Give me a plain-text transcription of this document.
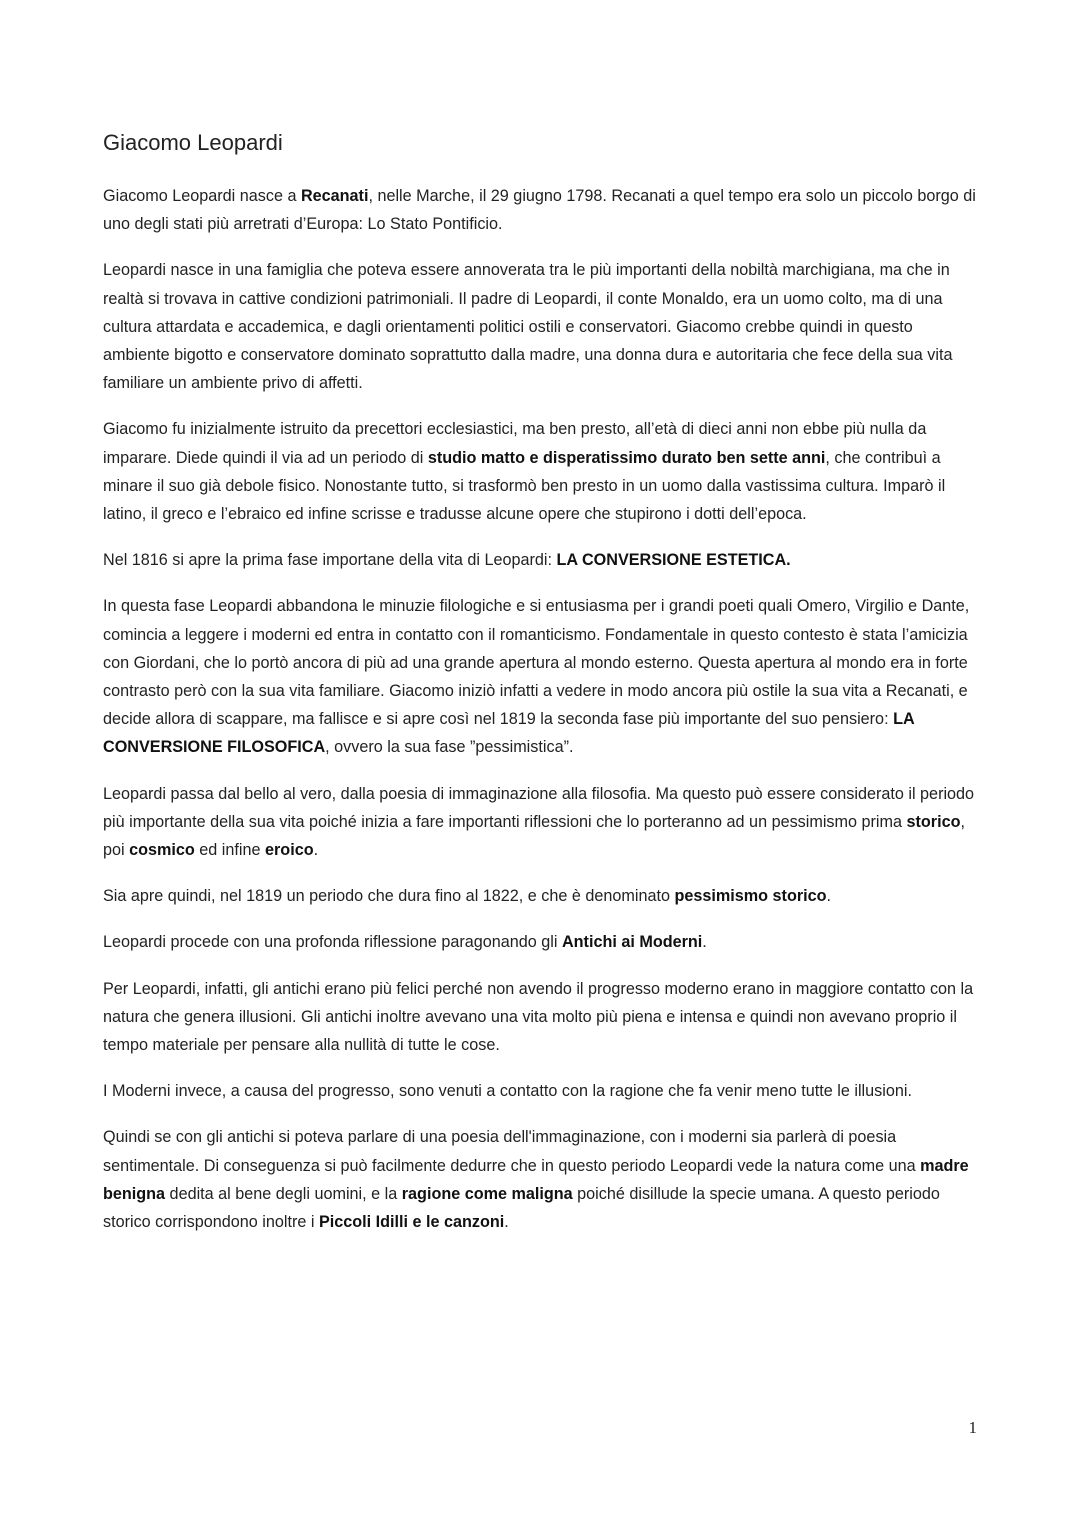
Giacomo Leopardi

Giacomo Leopardi nasce a Recanati, nelle Marche, il 29 giugno 1798. Recanati a quel tempo era solo un piccolo borgo di uno degli stati più arretrati d’Europa: Lo Stato Pontificio.

Leopardi nasce in una famiglia che poteva essere annoverata tra le più importanti della nobiltà marchigiana, ma che in realtà si trovava in cattive condizioni patrimoniali. Il padre di Leopardi, il conte Monaldo, era un uomo colto, ma di una cultura attardata e accademica, e dagli orientamenti politici ostili e conservatori. Giacomo crebbe quindi in questo ambiente bigotto e conservatore dominato soprattutto dalla madre, una donna dura e autoritaria che fece della sua vita familiare un ambiente privo di affetti.

Giacomo fu inizialmente istruito da precettori ecclesiastici, ma ben presto, all’età di dieci anni non ebbe più nulla da imparare. Diede quindi il via ad un periodo di studio matto e disperatissimo durato ben sette anni, che contribuì a minare il suo già debole fisico. Nonostante tutto, si trasformò ben presto in un uomo dalla vastissima cultura. Imparò il latino, il greco e l’ebraico ed infine scrisse e tradusse alcune opere che stupirono i dotti dell’epoca.

Nel 1816 si apre la prima fase importane della vita di Leopardi: LA CONVERSIONE ESTETICA.

In questa fase Leopardi abbandona le minuzie filologiche e si entusiasma per i grandi poeti quali Omero, Virgilio e Dante, comincia a leggere i moderni ed entra in contatto con il romanticismo. Fondamentale in questo contesto è stata l’amicizia con Giordani, che lo portò ancora di più ad una grande apertura al mondo esterno. Questa apertura al mondo era in forte contrasto però con la sua vita familiare. Giacomo iniziò infatti a vedere in modo ancora più ostile la sua vita a Recanati, e decide allora di scappare, ma fallisce e si apre così nel 1819 la seconda fase più importante del suo pensiero: LA CONVERSIONE FILOSOFICA, ovvero la sua fase ”pessimistica”.

Leopardi passa dal bello al vero, dalla poesia di immaginazione alla filosofia. Ma questo può essere considerato il periodo più importante della sua vita poiché inizia a fare importanti riflessioni che lo porteranno ad un pessimismo prima storico, poi cosmico ed infine eroico.

Sia apre quindi, nel 1819 un periodo che dura fino al 1822, e che è denominato pessimismo storico.

Leopardi procede con una profonda riflessione paragonando gli Antichi ai Moderni.

Per Leopardi, infatti, gli antichi erano più felici perché non avendo il progresso moderno erano in maggiore contatto con la natura che genera illusioni. Gli antichi inoltre avevano una vita molto più piena e intensa e quindi non avevano proprio il tempo materiale per pensare alla nullità di tutte le cose.

I Moderni invece, a causa del progresso, sono venuti a contatto con la ragione che fa venir meno tutte le illusioni.

Quindi se con gli antichi si poteva parlare di una poesia dell'immaginazione, con i moderni sia parlerà di poesia sentimentale. Di conseguenza si può facilmente dedurre che in questo periodo Leopardi vede la natura come una madre benigna dedita al bene degli uomini, e la ragione come maligna poiché disillude la specie umana. A questo periodo storico corrispondono inoltre i Piccoli Idilli e le canzoni.

1
